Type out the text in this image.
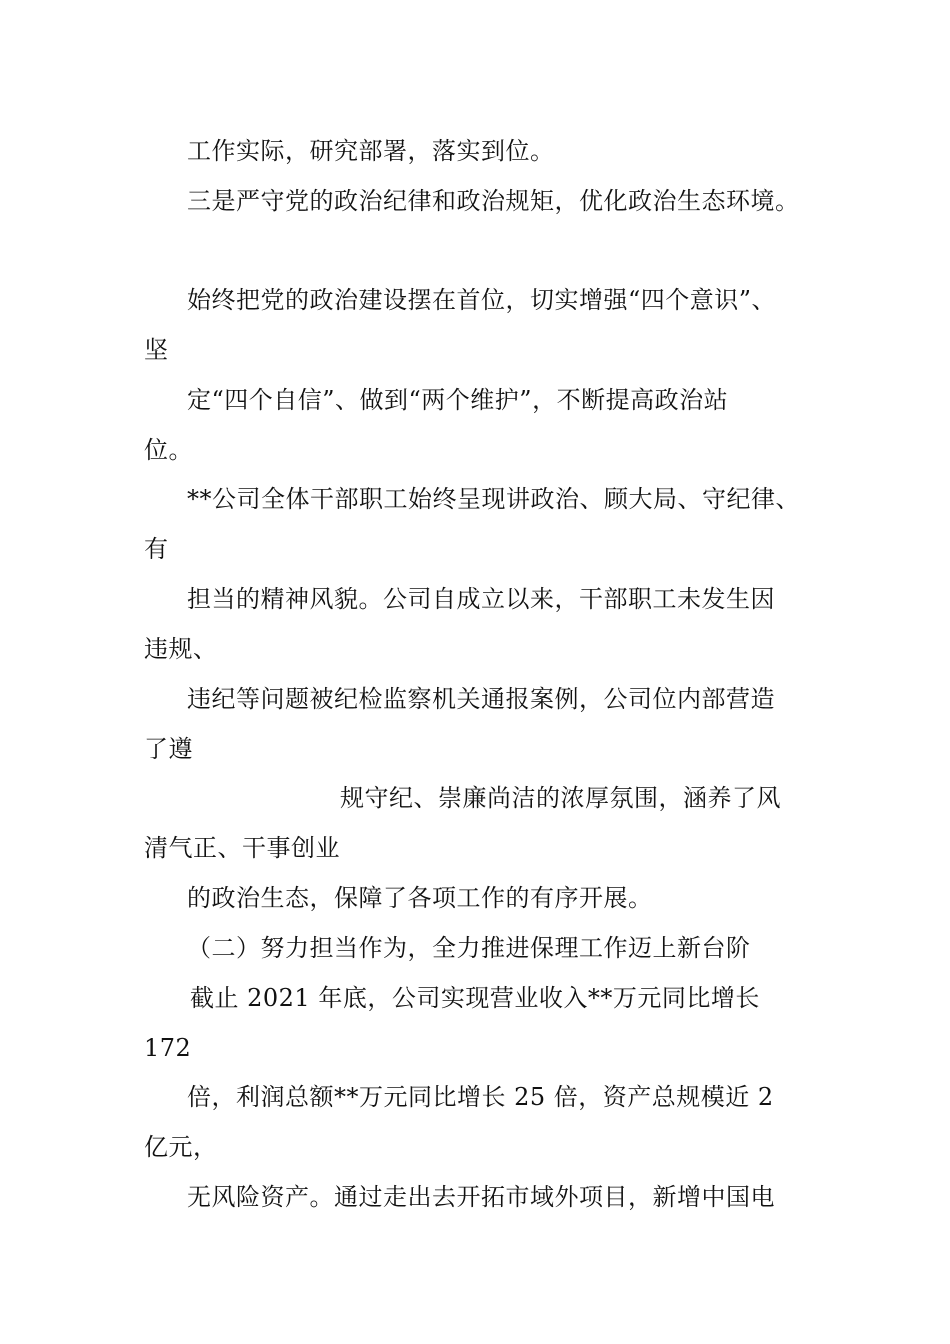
工作实际，研究部署，落实到位。
三是严守党的政治纪律和政治规矩，优化政治生态环境。
始终把党的政治建设摆在首位，切实增强“四个意识”、
坚
定“四个自信”、做到“两个维护”，不断提高政治站
位。
**公司全体干部职工始终呈现讲政治、顾大局、守纪律、
有
担当的精神风貌。公司自成立以来，干部职工未发生因
违规、
违纪等问题被纪检监察机关通报案例，公司位内部营造
了遵
规守纪、崇廉尚洁的浓厚氛围，涵养了风
清气正、干事创业
的政治生态，保障了各项工作的有序开展。
（二）努力担当作为，全力推进保理工作迈上新台阶
截止 2021 年底，公司实现营业收入**万元同比增长
172
倍，利润总额**万元同比增长 25 倍，资产总规模近 2
亿元，
无风险资产。通过走出去开拓市域外项目，新增中国电
